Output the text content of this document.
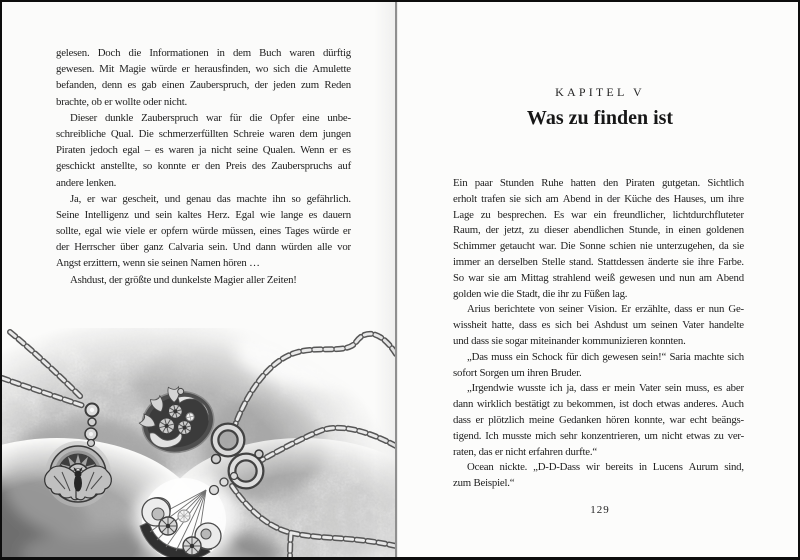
gelesen. Doch die Informationen in dem Buch waren dürftig
gewesen. Mit Magie würde er herausfinden, wo sich die Amulette
befanden, denn es gab einen Zauberspruch, der jeden zum Reden
brachte, ob er wollte oder nicht.
Dieser dunkle Zauberspruch war für die Opfer eine unbe-
schreibliche Qual. Die schmerzerfüllten Schreie waren dem jungen
Piraten jedoch egal – es waren ja nicht seine Qualen. Wenn er es
geschickt anstellte, so konnte er den Preis des Zauberspruchs auf
andere lenken.
Ja, er war gescheit, und genau das machte ihn so gefährlich.
Seine Intelligenz und sein kaltes Herz. Egal wie lange es dauern
sollte, egal wie viele er opfern würde müssen, eines Tages würde er
der Herrscher über ganz Calvaria sein. Und dann würden alle vor
Angst erzittern, wenn sie seinen Namen hören …
Ashdust, der größte und dunkelste Magier aller Zeiten!
KAPITEL V
Was zu finden ist
Ein paar Stunden Ruhe hatten den Piraten gutgetan. Sichtlich
erholt trafen sie sich am Abend in der Küche des Hauses, um ihre
Lage zu besprechen. Es war ein freundlicher, lichtdurchfluteter
Raum, der jetzt, zu dieser abendlichen Stunde, in einen goldenen
Schimmer getaucht war. Die Sonne schien nie unterzugehen, da sie
immer an derselben Stelle stand. Stattdessen änderte sie ihre Farbe.
So war sie am Mittag strahlend weiß gewesen und nun am Abend
golden wie die Stadt, die ihr zu Füßen lag.
Arius berichtete von seiner Vision. Er erzählte, dass er nun Ge-
wissheit hatte, dass es sich bei Ashdust um seinen Vater handelte
und dass sie sogar miteinander kommunizieren konnten.
„Das muss ein Schock für dich gewesen sein!“ Saria machte sich
sofort Sorgen um ihren Bruder.
„Irgendwie wusste ich ja, dass er mein Vater sein muss, es aber
dann wirklich bestätigt zu bekommen, ist doch etwas anderes. Auch
dass er plötzlich meine Gedanken hören konnte, war echt beängs-
tigend. Ich musste mich sehr konzentrieren, um nicht etwas zu ver-
raten, das er nicht erfahren durfte.“
Ocean nickte. „D-D-Dass wir bereits in Lucens Aurum sind,
zum Beispiel.“
129
